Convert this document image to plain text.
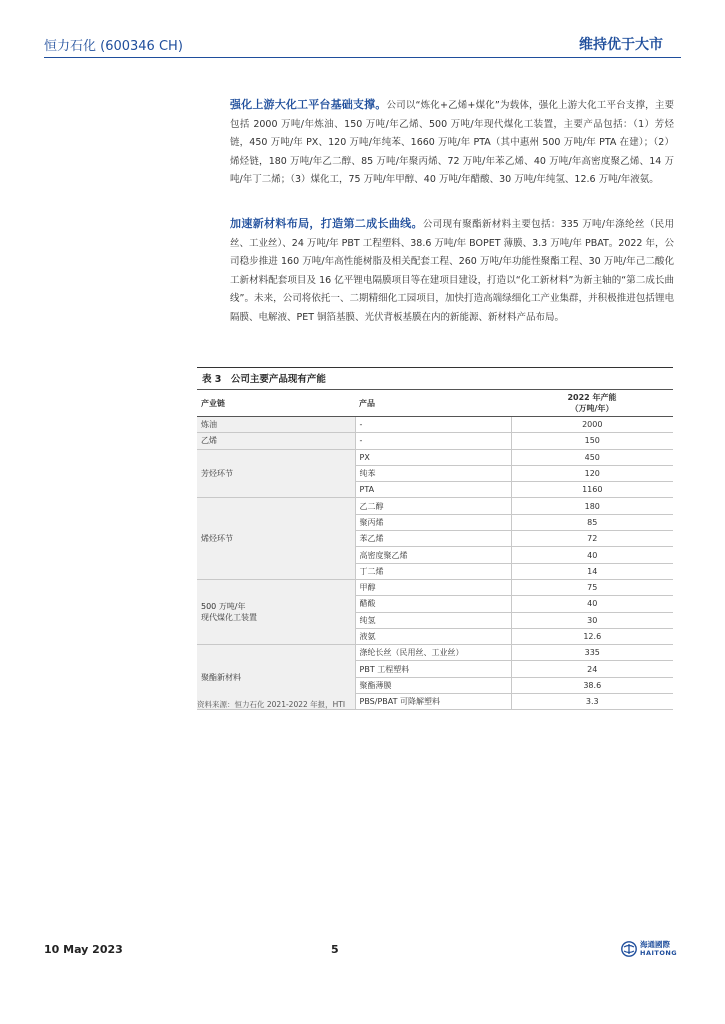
恒力石化 (600346 CH)	维持优于大市
强化上游大化工平台基础支撑。公司以“炼化+乙烯+煤化”为载体，强化上游大化工平台支撑，主要包括 2000 万吨/年炼油、150 万吨/年乙烯、500 万吨/年现代煤化工装置，主要产品包括：（1）芳烃链，450 万吨/年 PX、120 万吨/年纯苯、1660 万吨/年 PTA（其中惠州 500 万吨/年 PTA 在建）；（2）烯烃链，180 万吨/年乙二醇、85 万吨/年聚丙烯、72 万吨/年苯乙烯、40 万吨/年高密度聚乙烯、14 万吨/年丁二烯；（3）煤化工，75 万吨/年甲醇、40 万吨/年醋酸、30 万吨/年纯氢、12.6 万吨/年液氨。
加速新材料布局，打造第二成长曲线。公司现有聚酯新材料主要包括：335 万吨/年涤纶丝（民用丝、工业丝）、24 万吨/年 PBT 工程塑料、38.6 万吨/年 BOPET 薄膜、3.3 万吨/年 PBAT。2022 年，公司稳步推进 160 万吨/年高性能树脂及相关配套工程、260 万吨/年功能性聚酯工程、30 万吨/年己二酸化工新材料配套项目及 16 亿平锂电隔膜项目等在建项目建设，打造以“化工新材料”为新主轴的“第二成长曲线”。未来，公司将依托一、二期精细化工园项目，加快打造高端绿细化工产业集群，并积极推进包括锂电隔膜、电解液、PET 铜箔基膜、光伏背板基膜在内的新能源、新材料产品布局。
表 3　公司主要产品现有产能
产业链	产品	2022 年产能
（万吨/年）

炼油	-	2000

乙烯	-	150

芳烃环节	PX	450
	纯苯	120
	PTA	1160

烯烃环节	乙二醇	180
	聚丙烯	85
	苯乙烯	72
	高密度聚乙烯	40
	丁二烯	14

500 万吨/年
现代煤化工装置	甲醇	75
	醋酸	40
	纯氢	30
	液氨	12.6

聚酯新材料	涤纶长丝（民用丝、工业丝）	335
	PBT 工程塑料	24
	聚酯薄膜	38.6
	PBS/PBAT 可降解塑料	3.3
资料来源：恒力石化 2021-2022 年报，HTI
10 May 2023	5	海通國際
HAITONG
